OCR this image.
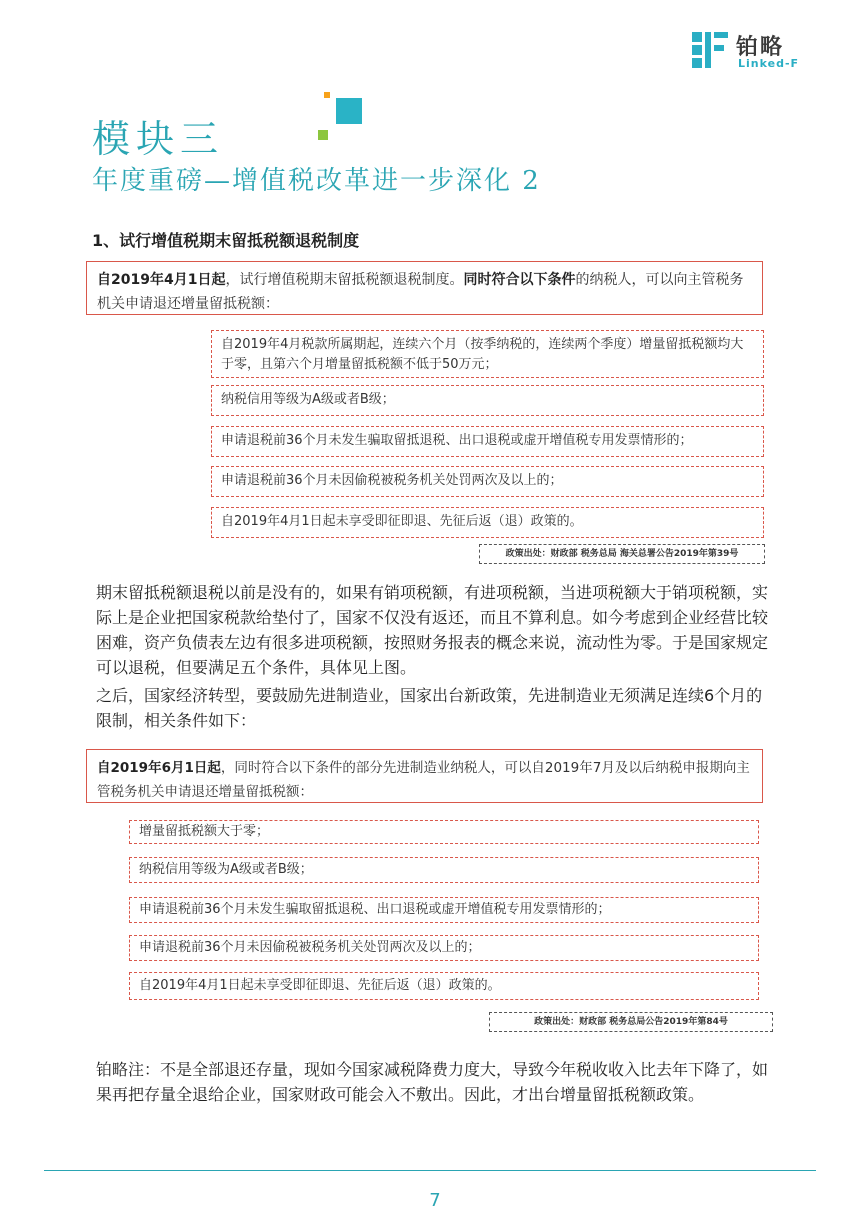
铂略
Linked-F
模块三
年度重磅—增值税改革进一步深化 2
1、试行增值税期末留抵税额退税制度
自2019年4月1日起，试行增值税期末留抵税额退税制度。同时符合以下条件的纳税人，可以向主管税务机关申请退还增量留抵税额：
自2019年4月税款所属期起，连续六个月（按季纳税的，连续两个季度）增量留抵税额均大于零，且第六个月增量留抵税额不低于50万元；
纳税信用等级为A级或者B级；
申请退税前36个月未发生骗取留抵退税、出口退税或虚开增值税专用发票情形的；
申请退税前36个月未因偷税被税务机关处罚两次及以上的；
自2019年4月1日起未享受即征即退、先征后返（退）政策的。
政策出处：财政部 税务总局 海关总署公告2019年第39号
期末留抵税额退税以前是没有的，如果有销项税额，有进项税额，当进项税额大于销项税额，实际上是企业把国家税款给垫付了，国家不仅没有返还，而且不算利息。如今考虑到企业经营比较困难，资产负债表左边有很多进项税额，按照财务报表的概念来说，流动性为零。于是国家规定可以退税，但要满足五个条件，具体见上图。
之后，国家经济转型，要鼓励先进制造业，国家出台新政策，先进制造业无须满足连续6个月的限制，相关条件如下：
自2019年6月1日起，同时符合以下条件的部分先进制造业纳税人，可以自2019年7月及以后纳税申报期向主管税务机关申请退还增量留抵税额：
增量留抵税额大于零；
纳税信用等级为A级或者B级；
申请退税前36个月未发生骗取留抵退税、出口退税或虚开增值税专用发票情形的；
申请退税前36个月未因偷税被税务机关处罚两次及以上的；
自2019年4月1日起未享受即征即退、先征后返（退）政策的。
政策出处：财政部 税务总局公告2019年第84号
铂略注：不是全部退还存量，现如今国家减税降费力度大，导致今年税收收入比去年下降了，如果再把存量全退给企业，国家财政可能会入不敷出。因此，才出台增量留抵税额政策。
7
